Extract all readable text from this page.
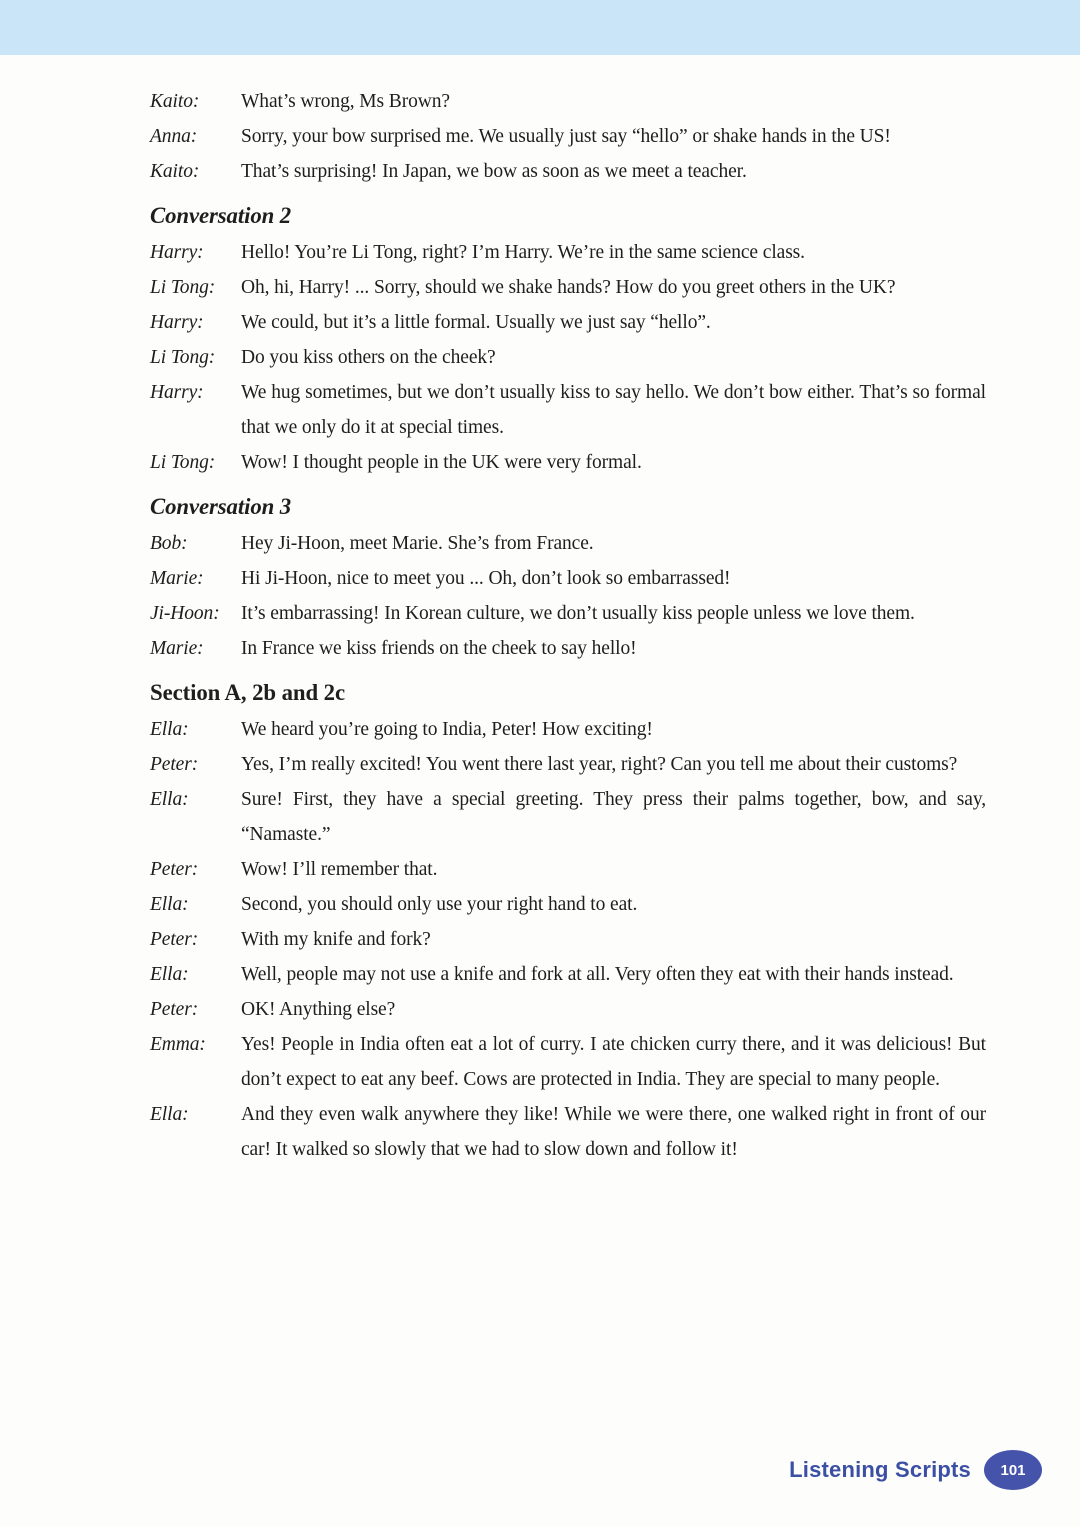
Kaito:	What’s wrong, Ms Brown?
Anna:	Sorry, your bow surprised me. We usually just say “hello” or shake hands in the US!
Kaito:	That’s surprising! In Japan, we bow as soon as we meet a teacher.
Conversation 2
Harry:	Hello! You’re Li Tong, right? I’m Harry. We’re in the same science class.
Li Tong:	Oh, hi, Harry! ... Sorry, should we shake hands? How do you greet others in the UK?
Harry:	We could, but it’s a little formal. Usually we just say “hello”.
Li Tong:	Do you kiss others on the cheek?
Harry:	We hug sometimes, but we don’t usually kiss to say hello. We don’t bow either. That’s so formal that we only do it at special times.
Li Tong:	Wow! I thought people in the UK were very formal.
Conversation 3
Bob:	Hey Ji-Hoon, meet Marie. She’s from France.
Marie:	Hi Ji-Hoon, nice to meet you ... Oh, don’t look so embarrassed!
Ji-Hoon:	It’s embarrassing! In Korean culture, we don’t usually kiss people unless we love them.
Marie:	In France we kiss friends on the cheek to say hello!
Section A, 2b and 2c
Ella:	We heard you’re going to India, Peter! How exciting!
Peter:	Yes, I’m really excited! You went there last year, right? Can you tell me about their customs?
Ella:	Sure! First, they have a special greeting. They press their palms together, bow, and say, “Namaste.”
Peter:	Wow! I’ll remember that.
Ella:	Second, you should only use your right hand to eat.
Peter:	With my knife and fork?
Ella:	Well, people may not use a knife and fork at all. Very often they eat with their hands instead.
Peter:	OK! Anything else?
Emma:	Yes! People in India often eat a lot of curry. I ate chicken curry there, and it was delicious! But don’t expect to eat any beef. Cows are protected in India. They are special to many people.
Ella:	And they even walk anywhere they like! While we were there, one walked right in front of our car! It walked so slowly that we had to slow down and follow it!
Listening Scripts	101
